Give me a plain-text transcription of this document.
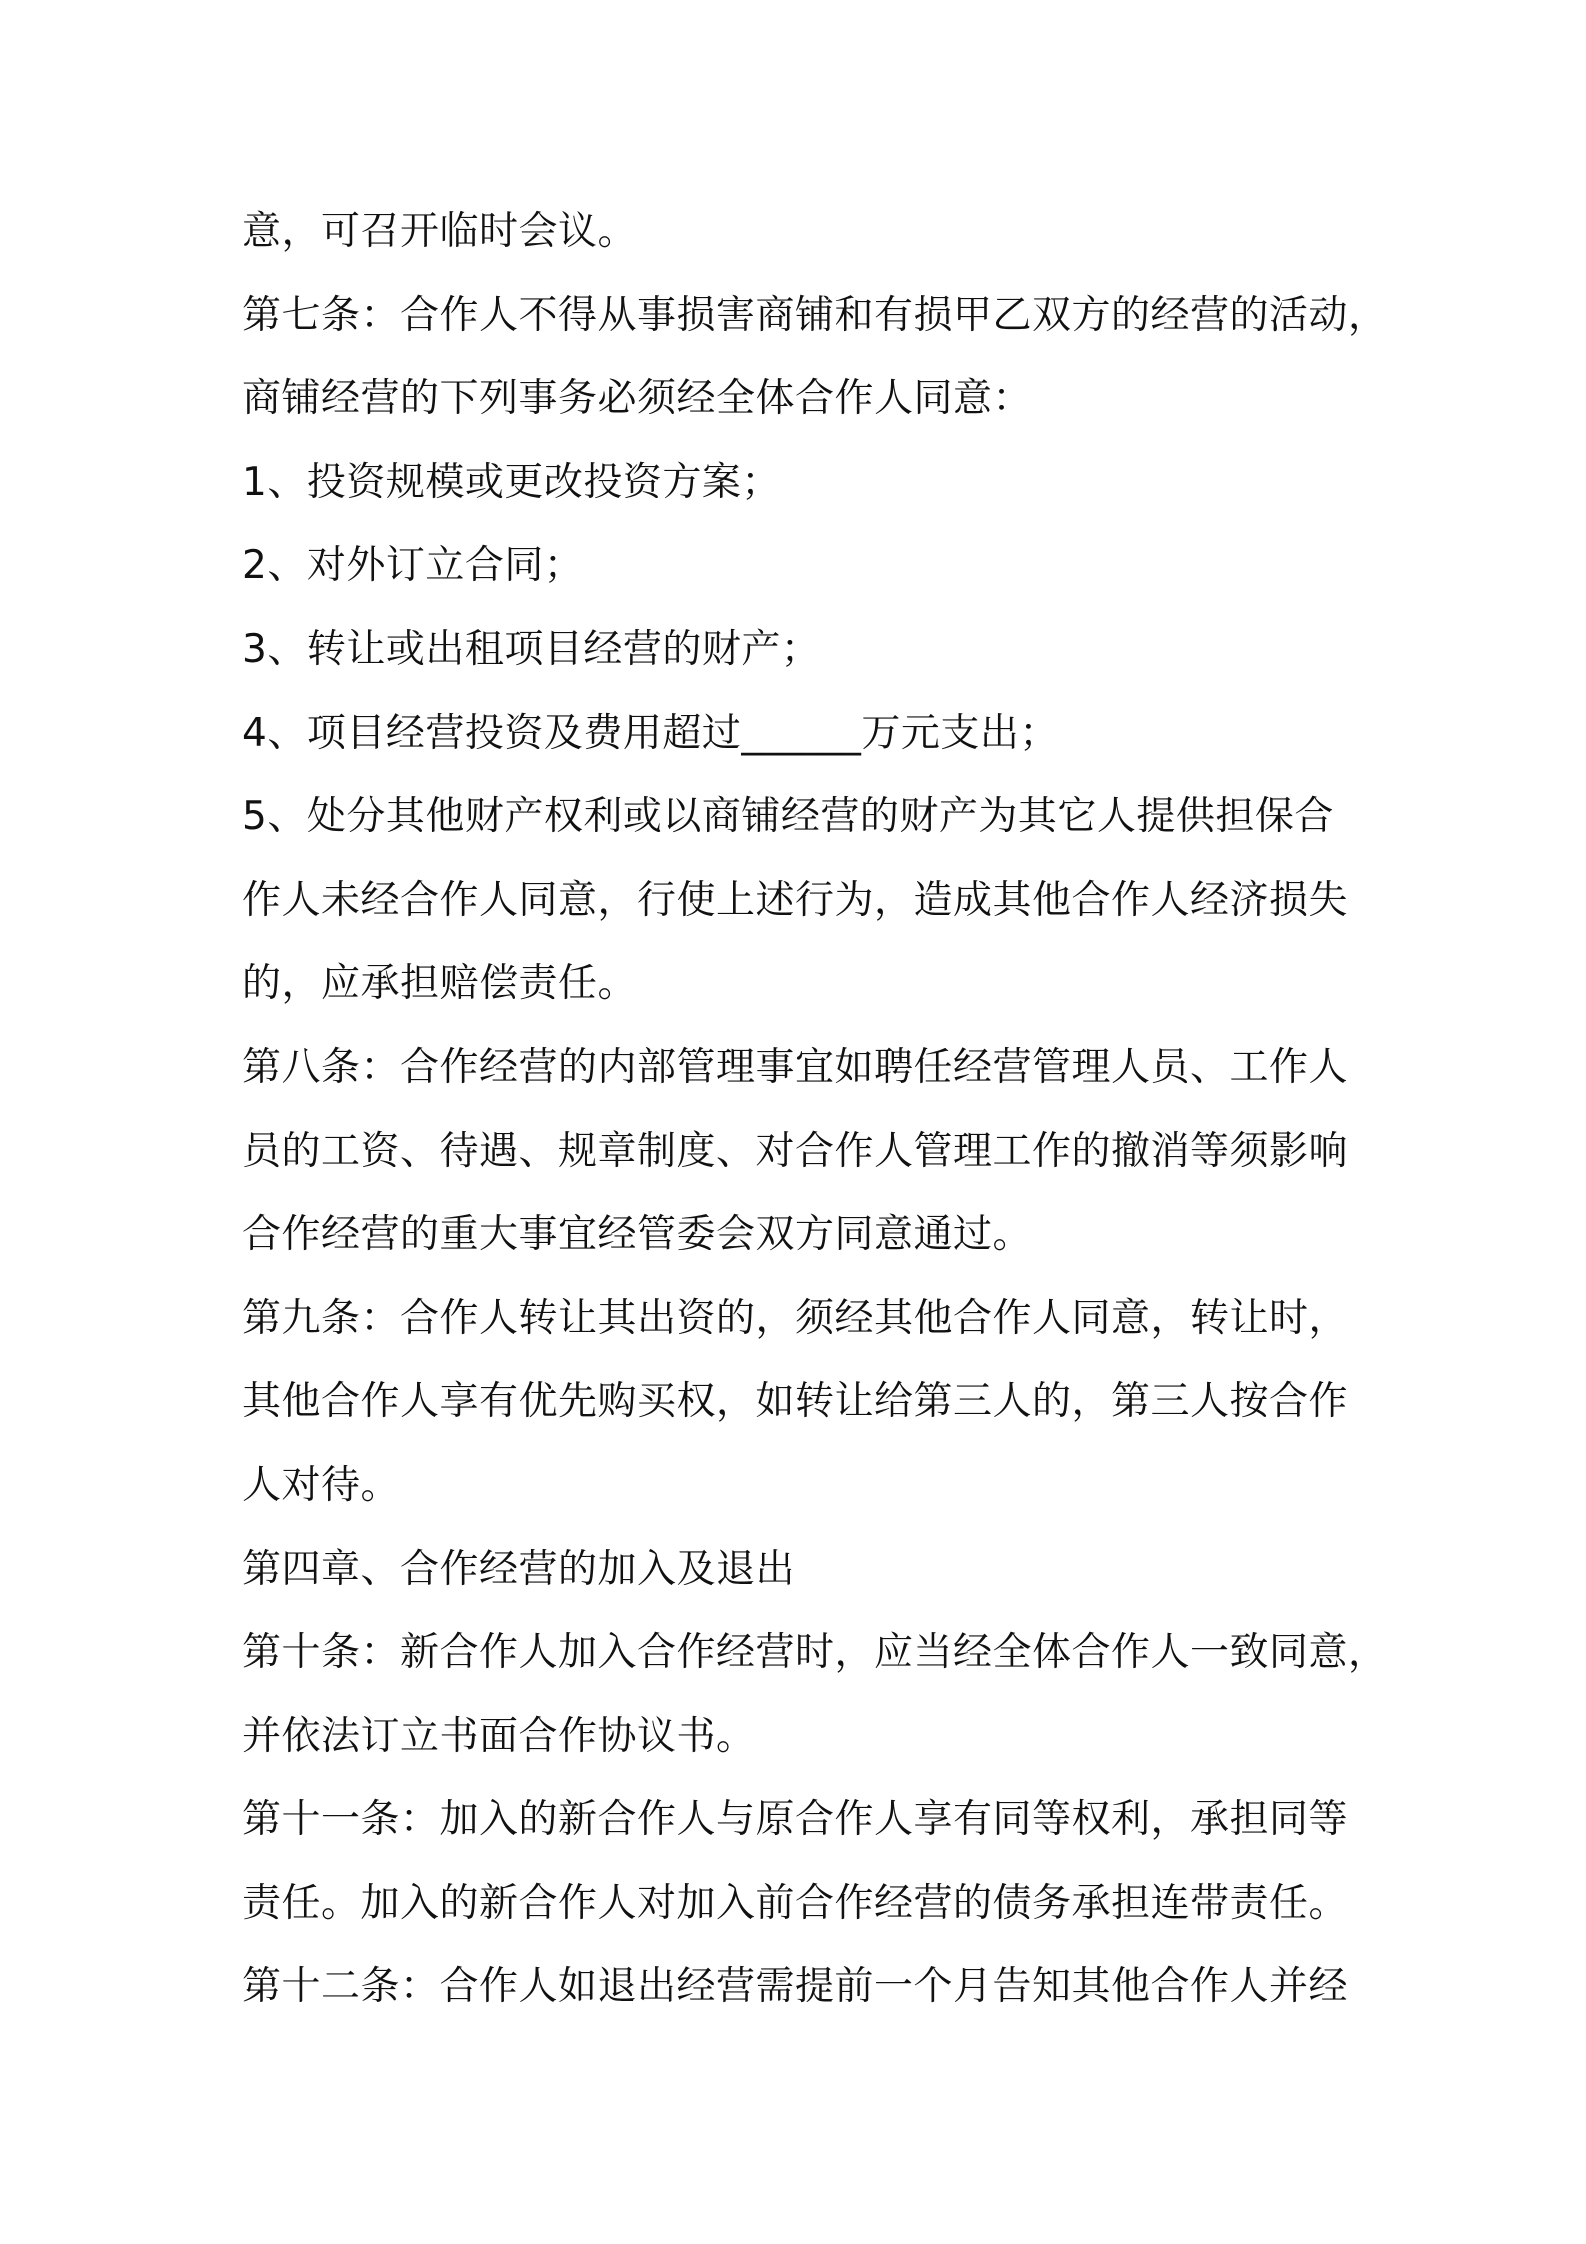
意，可召开临时会议。
第七条：合作人不得从事损害商铺和有损甲乙双方的经营的活动，
商铺经营的下列事务必须经全体合作人同意：
1、投资规模或更改投资方案；
2、对外订立合同；
3、转让或出租项目经营的财产；
4、项目经营投资及费用超过______万元支出；
5、处分其他财产权利或以商铺经营的财产为其它人提供担保合
作人未经合作人同意，行使上述行为，造成其他合作人经济损失
的，应承担赔偿责任。
第八条：合作经营的内部管理事宜如聘任经营管理人员、工作人
员的工资、待遇、规章制度、对合作人管理工作的撤消等须影响
合作经营的重大事宜经管委会双方同意通过。
第九条：合作人转让其出资的，须经其他合作人同意，转让时，
其他合作人享有优先购买权，如转让给第三人的，第三人按合作
人对待。
第四章、合作经营的加入及退出
第十条：新合作人加入合作经营时，应当经全体合作人一致同意，
并依法订立书面合作协议书。
第十一条：加入的新合作人与原合作人享有同等权利，承担同等
责任。加入的新合作人对加入前合作经营的债务承担连带责任。
第十二条：合作人如退出经营需提前一个月告知其他合作人并经
